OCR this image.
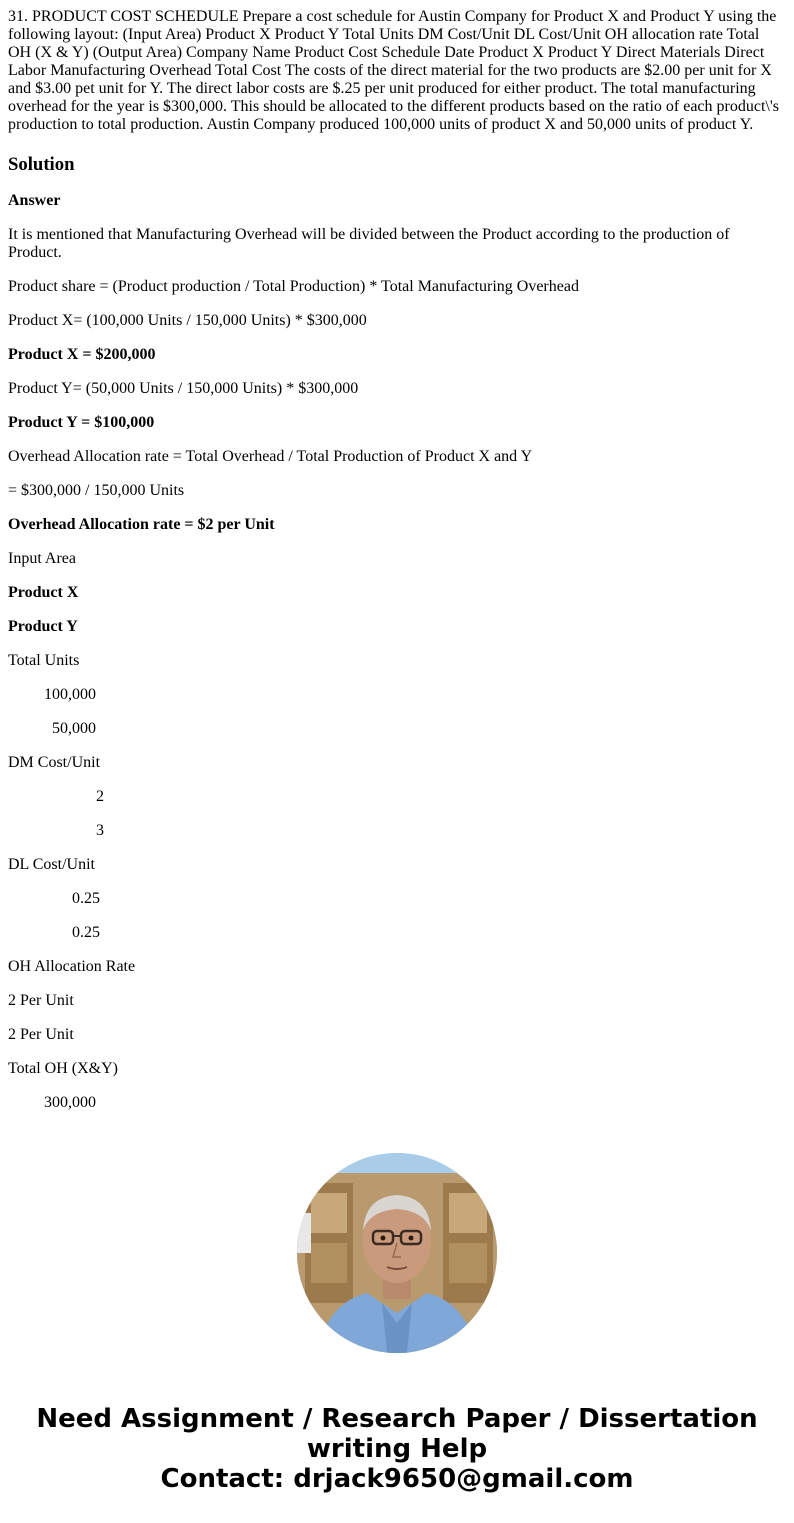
31. PRODUCT COST SCHEDULE Prepare a cost schedule for Austin Company for Product X and Product Y using the following layout: (Input Area) Product X Product Y Total Units DM Cost/Unit DL Cost/Unit OH allocation rate Total OH (X & Y) (Output Area) Company Name Product Cost Schedule Date Product X Product Y Direct Materials Direct Labor Manufacturing Overhead Total Cost The costs of the direct material for the two products are $2.00 per unit for X and $3.00 pet unit for Y. The direct labor costs are $.25 per unit produced for either product. The total manufacturing overhead for the year is $300,000. This should be allocated to the different products based on the ratio of each product\'s production to total production. Austin Company produced 100,000 units of product X and 50,000 units of product Y.

Solution

Answer

It is mentioned that Manufacturing Overhead will be divided between the Product according to the production of Product.

Product share = (Product production / Total Production) * Total Manufacturing Overhead

Product X= (100,000 Units / 150,000 Units) * $300,000

Product X = $200,000

Product Y= (50,000 Units / 150,000 Units) * $300,000

Product Y = $100,000

Overhead Allocation rate = Total Overhead / Total Production of Product X and Y

= $300,000 / 150,000 Units

Overhead Allocation rate = $2 per Unit

Input Area

Product X

Product Y

Total Units

100,000

50,000

DM Cost/Unit

2

3

DL Cost/Unit

0.25

0.25

OH Allocation Rate

2 Per Unit

2 Per Unit

Total OH (X&Y)

300,000

Need Assignment / Research Paper / Dissertation
writing Help
Contact: drjack9650@gmail.com
